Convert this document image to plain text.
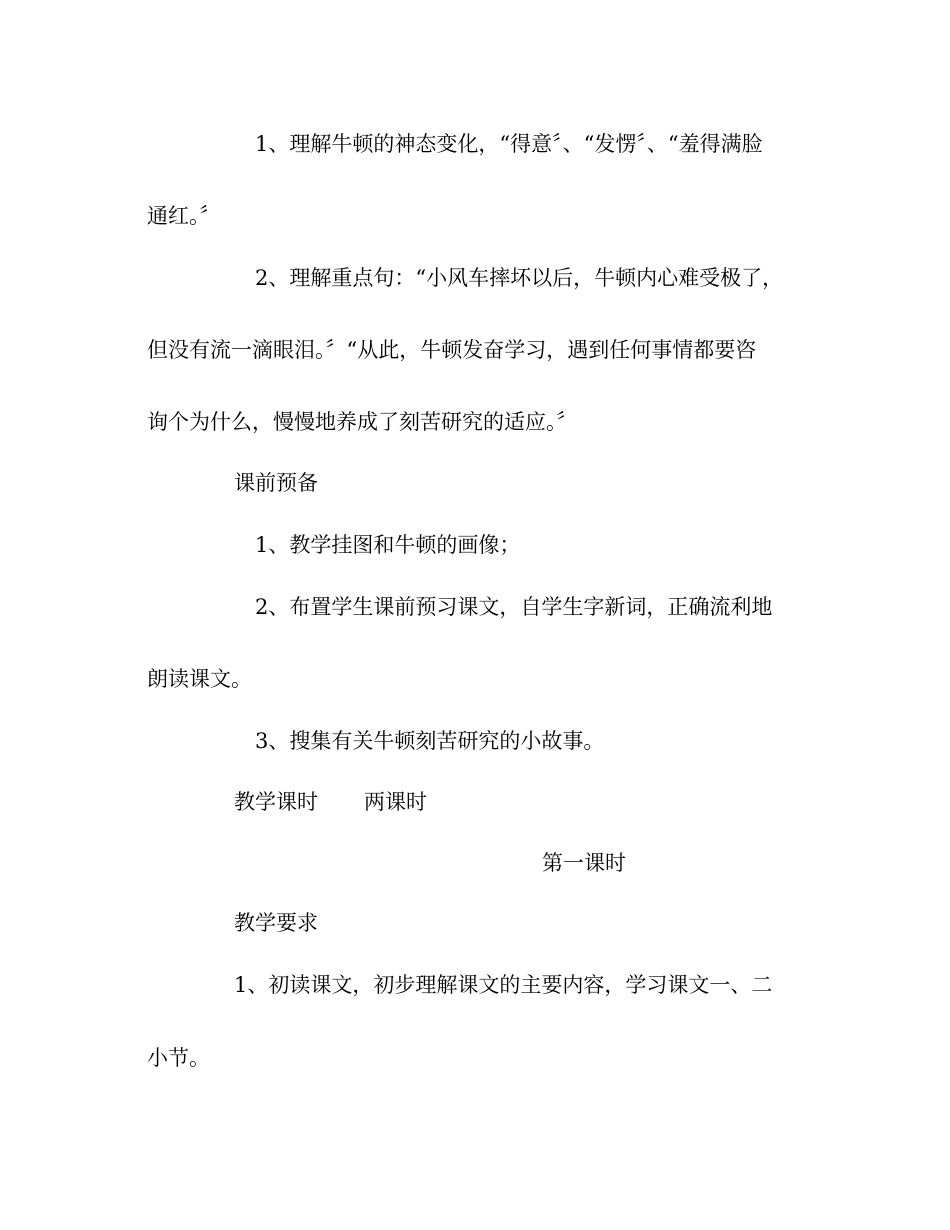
1、理解牛顿的神态变化，“得意〞、“发愣〞、“羞得满脸
通红。〞
2、理解重点句：“小风车摔坏以后，牛顿内心难受极了，
但没有流一滴眼泪。〞“从此，牛顿发奋学习，遇到任何事情都要咨
询个为什么，慢慢地养成了刻苦研究的适应。〞
课前预备
1、教学挂图和牛顿的画像；
2、布置学生课前预习课文，自学生字新词，正确流利地
朗读课文。
3、搜集有关牛顿刻苦研究的小故事。
教学课时 两课时
第一课时
教学要求
1、初读课文，初步理解课文的主要内容，学习课文一、二
小节。
